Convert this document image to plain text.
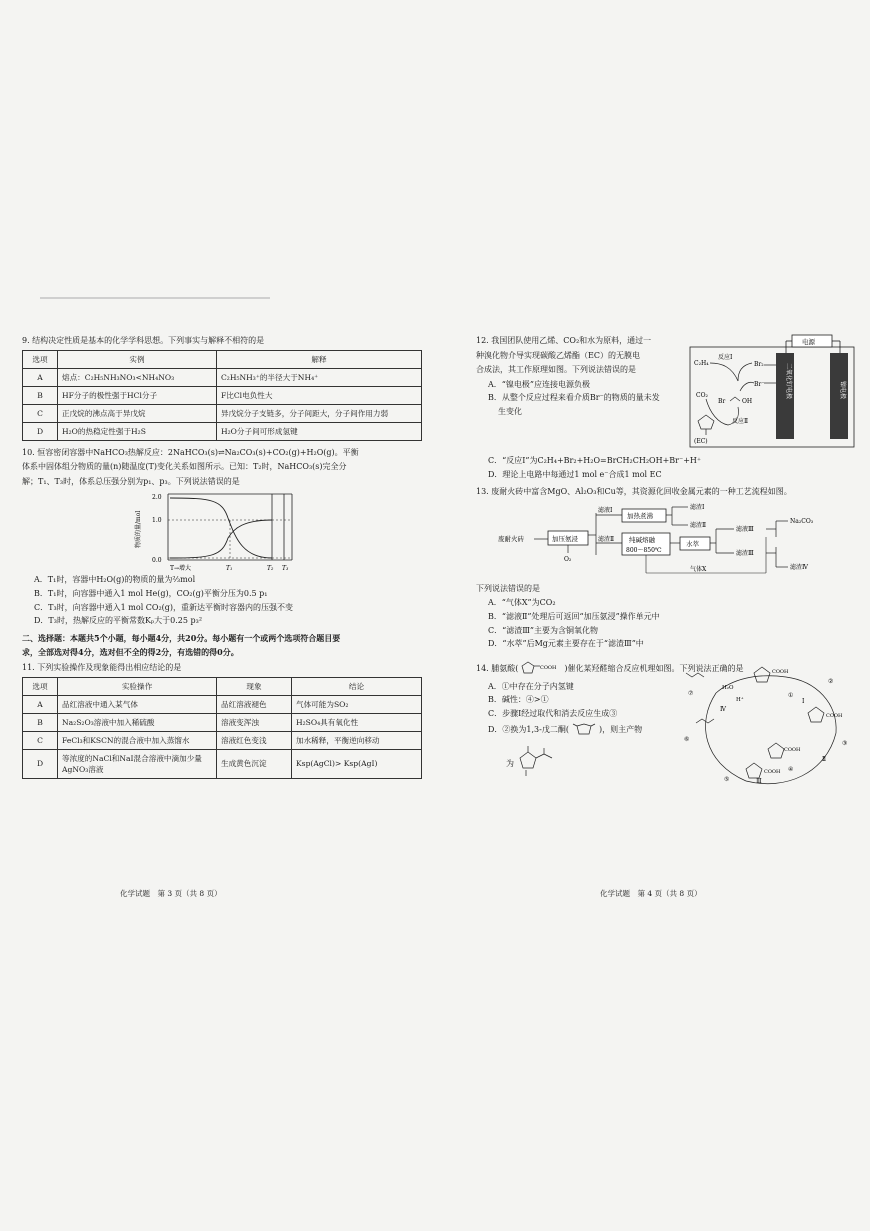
9. 结构决定性质是基本的化学学科思想。下列事实与解释不相符的是
选项	实例	解释
A	熔点：C₂H₅NH₃NO₃<NH₄NO₃	C₂H₅NH₃⁺的半径大于NH₄⁺
B	HF分子的极性强于HCl分子	F比Cl电负性大
C	正戊烷的沸点高于异戊烷	异戊烷分子支链多，分子间距大，分子间作用力弱
D	H₂O的热稳定性强于H₂S	H₂O分子间可形成氢键
10. 恒容密闭容器中NaHCO₃热解反应：2NaHCO₃(s)⇌Na₂CO₃(s)+CO₂(g)+H₂O(g)。平衡
体系中固体组分物质的量(n)随温度(T)变化关系如图所示。已知：T₂时，NaHCO₃(s)完全分
解；T₁、T₃时，体系总压强分别为p₁、p₃。下列说法错误的是
物质的量/mol
2.0
1.0
0.0
T→增大	T₁	T₂ T₃
A．T₁时，容器中H₂O(g)的物质的量为⅔mol
B．T₁时，向容器中通入1 mol He(g)，CO₂(g)平衡分压为0.5 p₁
C．T₃时，向容器中通入1 mol CO₂(g)，重新达平衡时容器内的压强不变
D．T₃时，热解反应的平衡常数Kₚ大于0.25 p₃²
二、选择题：本题共5个小题，每小题4分，共20分。每小题有一个或两个选项符合题目要
求，全部选对得4分，选对但不全的得2分，有选错的得0分。
11. 下列实验操作及现象能得出相应结论的是
选项	实验操作	现象	结论
A	品红溶液中通入某气体	品红溶液褪色	气体可能为SO₂
B	Na₂S₂O₃溶液中加入稀硫酸	溶液变浑浊	H₂SO₄具有氧化性
C	FeCl₃和KSCN的混合液中加入蒸馏水	溶液红色变浅	加水稀释，平衡逆向移动
D	等浓度的NaCl和NaI混合溶液中滴加少量AgNO₃溶液	生成黄色沉淀	Ksp(AgCl)> Ksp(AgI)
化学试题　第 3 页（共 8 页）
12. 我国团队使用乙烯、CO₂和水为原料，通过一
种溴化物介导实现碳酸乙烯酯（EC）的无膜电
合成法，其工作原理如图。下列说法错误的是
A．“镍电极”应连接电源负极
B．从整个反应过程来看介质Br⁻的物质的量未发
生变化
电源
二氧化钌电极	镍电极
C₂H₄
反应Ⅰ
Br₂
Br⁻
Br	OH
CO₂
反应Ⅱ
(EC)
C．“反应Ⅰ”为C₂H₄+Br₂+H₂O=BrCH₂CH₂OH+Br⁻+H⁺
D．理论上电路中每通过1 mol e⁻合成1 mol EC
13. 废耐火砖中富含MgO、Al₂O₃和Cu等，其资源化回收金属元素的一种工艺流程如图。
废耐火砖	加压氨浸
O₂
滤液Ⅰ
加热煮沸
滤渣Ⅰ
滤渣Ⅱ
滤渣Ⅱ 纯碱熔融
800～850℃
水萃
滤液Ⅲ
Na₂CO₃
滤渣Ⅲ
滤渣Ⅳ
气体X
下列说法错误的是
A．“气体X”为CO₂
B．“滤液Ⅱ”处理后可返回“加压氨浸”操作单元中
C．“滤渣Ⅲ”主要为含铜氧化物
D．“水萃”后Mg元素主要存在于“滤渣Ⅲ”中
14. 脯氨酸(	COOH )催化某羟醛缩合反应机理如图。下列说法正确的是
A．①中存在分子内氢键
B．碱性：④>①
C．步骤Ⅰ经过取代和消去反应生成③
D．②换为1,3-戊二酮(	)，则主产物
为
①
②
③
④
⑤
⑥
⑦
Ⅰ
Ⅱ
Ⅲ
Ⅳ
H⁺
H₂O
COOH
COOH
COOH
COOH
化学试题　第 4 页（共 8 页）
